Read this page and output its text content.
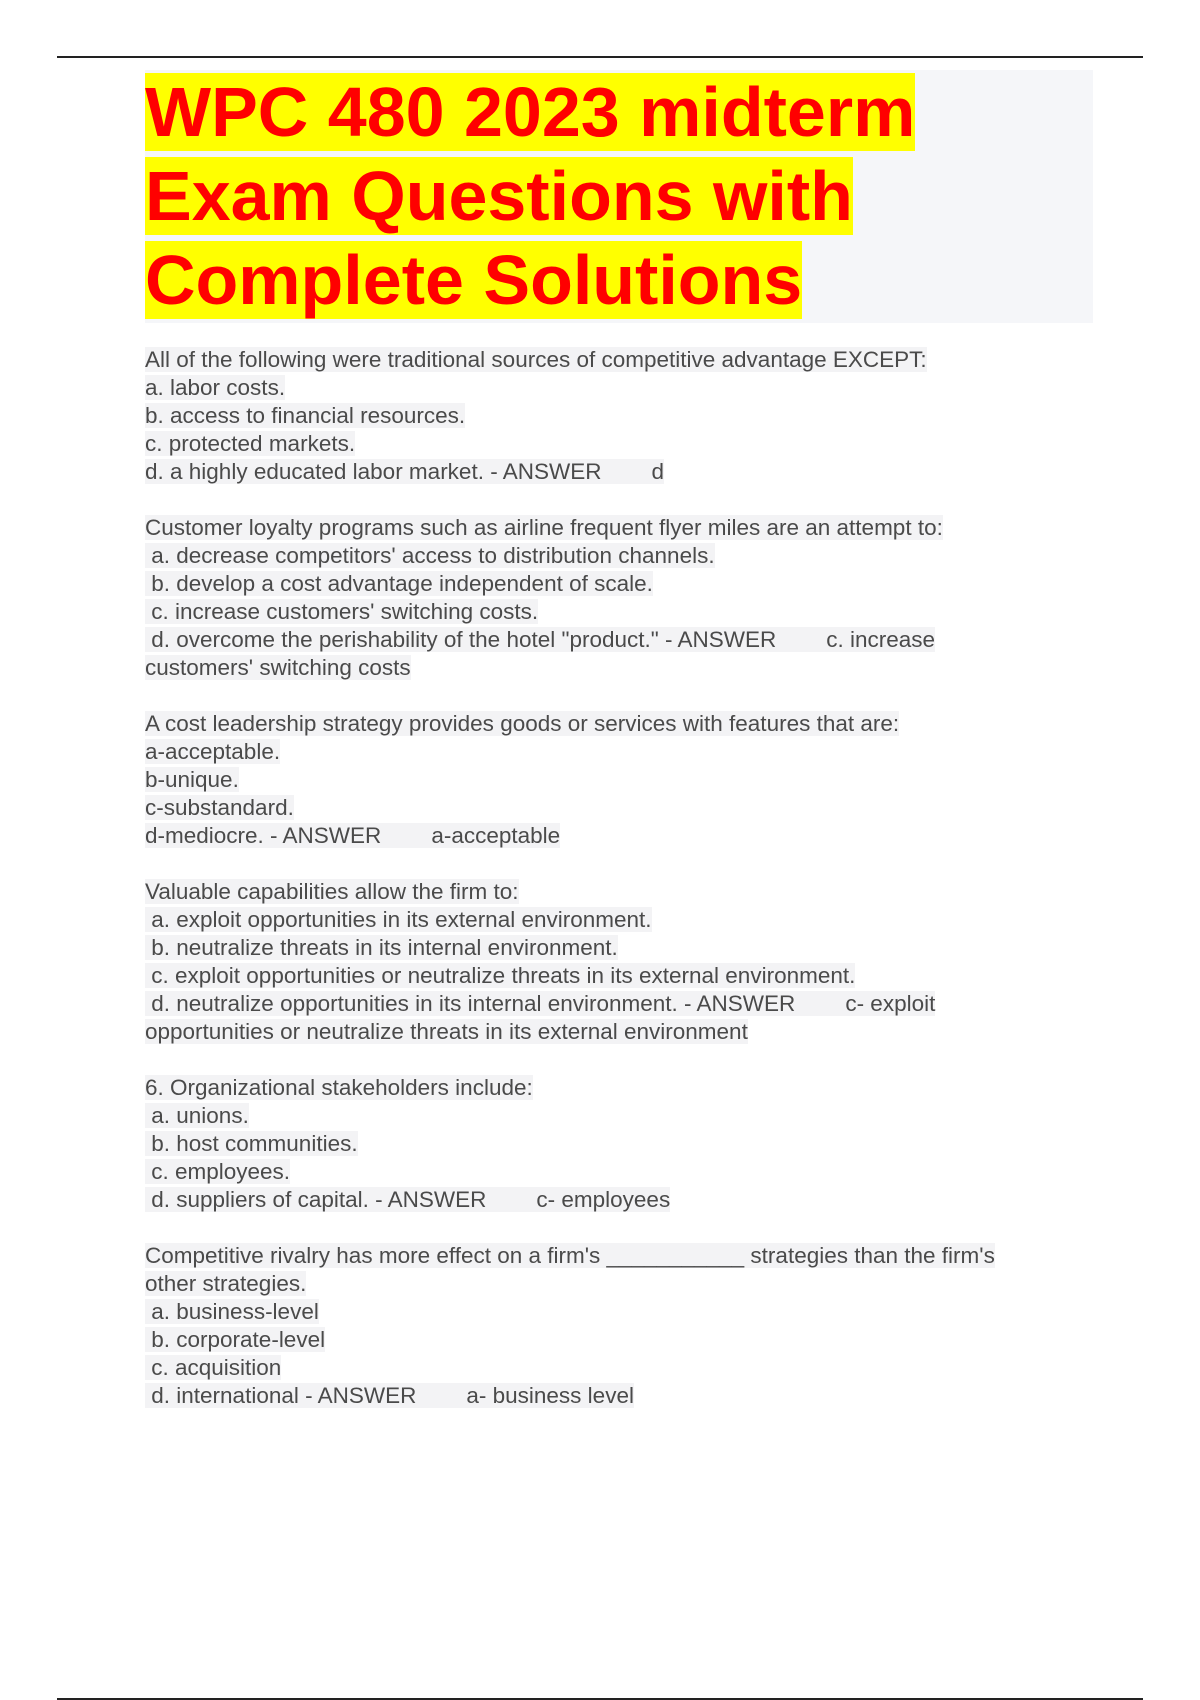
WPC 480 2023 midterm
Exam Questions with
Complete Solutions
All of the following were traditional sources of competitive advantage EXCEPT:
a. labor costs.
b. access to financial resources.
c. protected markets.
d. a highly educated labor market. - ANSWER        d
Customer loyalty programs such as airline frequent flyer miles are an attempt to:
a. decrease competitors' access to distribution channels.
b. develop a cost advantage independent of scale.
c. increase customers' switching costs.
d. overcome the perishability of the hotel "product." - ANSWER        c. increase
customers' switching costs
A cost leadership strategy provides goods or services with features that are:
a-acceptable.
b-unique.
c-substandard.
d-mediocre. - ANSWER        a-acceptable
Valuable capabilities allow the firm to:
a. exploit opportunities in its external environment.
b. neutralize threats in its internal environment.
c. exploit opportunities or neutralize threats in its external environment.
d. neutralize opportunities in its internal environment. - ANSWER        c- exploit
opportunities or neutralize threats in its external environment
6. Organizational stakeholders include:
a. unions.
b. host communities.
c. employees.
d. suppliers of capital. - ANSWER        c- employees
Competitive rivalry has more effect on a firm's ___________ strategies than the firm's
other strategies.
a. business-level
b. corporate-level
c. acquisition
d. international - ANSWER        a- business level
